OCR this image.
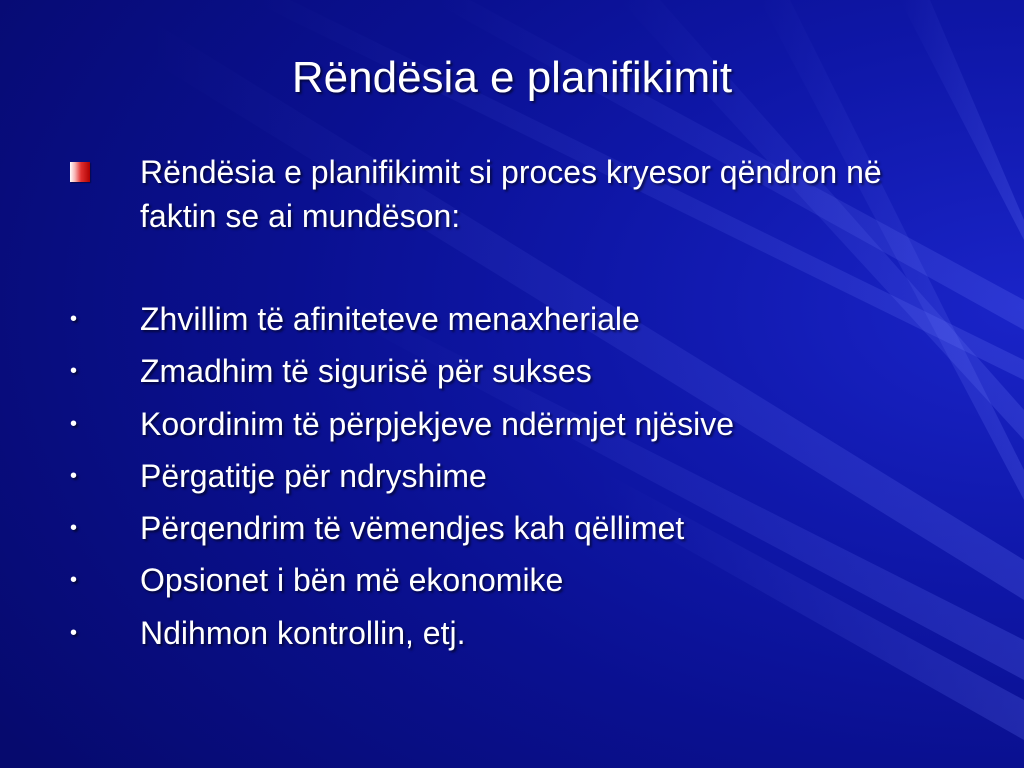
Rëndësia e planifikimit
Rëndësia e planifikimit si proces kryesor qëndron në faktin se ai mundëson:
• Zhvillim të afiniteteve menaxheriale
• Zmadhim të sigurisë për sukses
• Koordinim të përpjekjeve ndërmjet njësive
• Përgatitje për ndryshime
• Përqendrim të vëmendjes kah qëllimet
• Opsionet i bën më ekonomike
• Ndihmon kontrollin, etj.
